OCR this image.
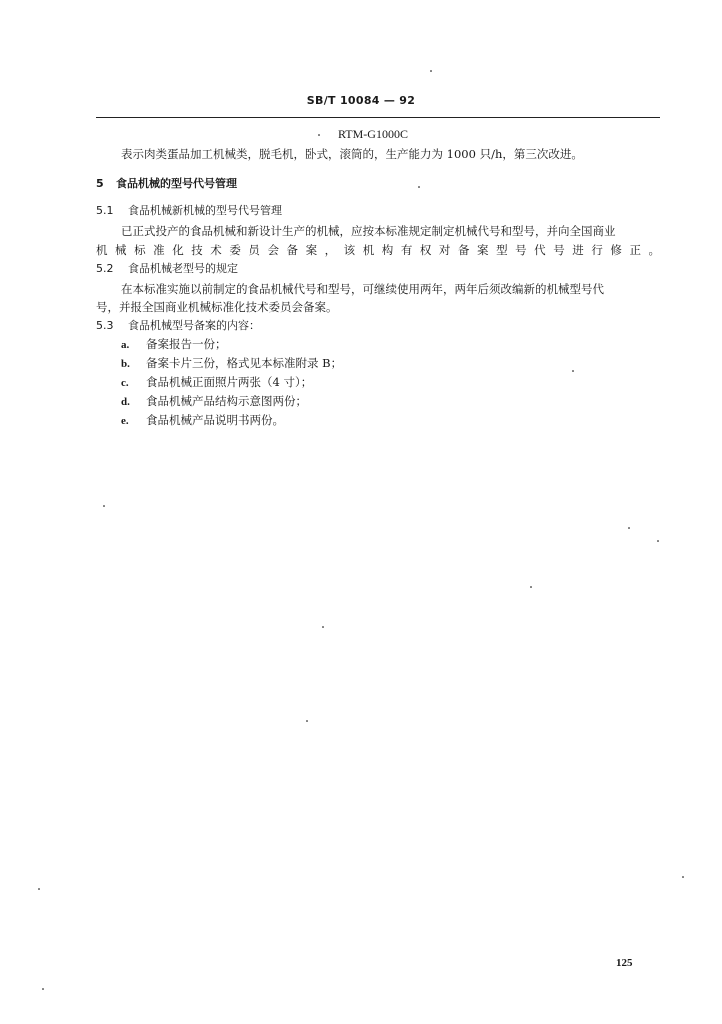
SB/T 10084 — 92
RTM-G1000C
表示肉类蛋品加工机械类，脱毛机，卧式，滚筒的，生产能力为 1000 只/h，第三次改进。
5 食品机械的型号代号管理
5.1 食品机械新机械的型号代号管理
已正式投产的食品机械和新设计生产的机械，应按本标准规定制定机械代号和型号，并向全国商业
机械标准化技术委员会备案，该机构有权对备案型号代号进行修正。
5.2 食品机械老型号的规定
在本标准实施以前制定的食品机械代号和型号，可继续使用两年，两年后须改编新的机械型号代
号，并报全国商业机械标准化技术委员会备案。
5.3 食品机械型号备案的内容：
a. 备案报告一份；
b. 备案卡片三份，格式见本标准附录 B；
c. 食品机械正面照片两张（4 寸）；
d. 食品机械产品结构示意图两份；
e. 食品机械产品说明书两份。
125
